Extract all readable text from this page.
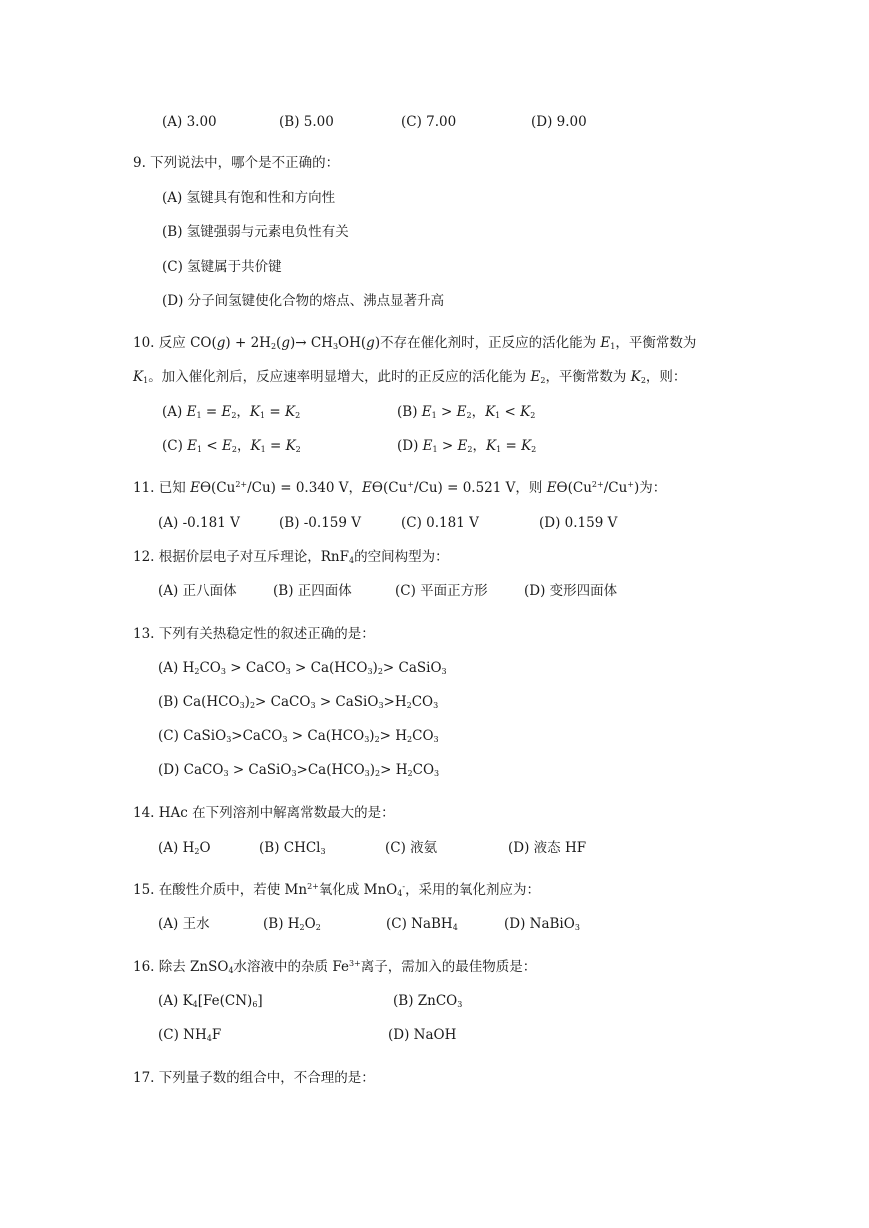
(A) 3.00	(B) 5.00	(C) 7.00	(D) 9.00
9. 下列说法中，哪个是不正确的：
(A) 氢键具有饱和性和方向性
(B) 氢键强弱与元素电负性有关
(C) 氢键属于共价键
(D) 分子间氢键使化合物的熔点、沸点显著升高
10. 反应 $CO(g) + 2H_2(g)\to CH_3OH(g)$不存在催化剂时，正反应的活化能为 $E_1$，平衡常数为
$K_1$。加入催化剂后，反应速率明显增大，此时的正反应的活化能为 $E_2$，平衡常数为 $K_2$，则：
(A) $E_1 = E_2$，$K_1 = K_2$	(B) $E_1 > E_2$，$K_1 < K_2$
(C) $E_1 < E_2$，$K_1 = K_2$	(D) $E_1 > E_2$，$K_1 = K_2$
11. 已知 $Eϴ(Cu^{2+}/Cu) = 0.340$ V，Eϴ(Cu+/Cu) = 0.521 V，则 $Eϴ(Cu^{2+}/Cu^+)$为：
(A) -0.181 V	(B) -0.159 V	(C) 0.181 V	(D) 0.159 V
12. 根据价层电子对互斥理论，RnF$_4$的空间构型为：
(A) 正八面体	(B) 正四面体	(C) 平面正方形	(D) 变形四面体
13. 下列有关热稳定性的叙述正确的是：
(A) $H_2CO_3$ > CaCO$_3$ > $Ca(HCO_3)_2>$ CaSiO$_3$
(B) $Ca(HCO_3)_2>$ CaCO$_3$ > $CaSiO_3>H_2CO_3$
(C) CaSiO$_3$>CaCO$_3$ > $Ca(HCO_3)_2> H_2CO_3$
(D) CaCO$_3$ > $CaSiO_3>Ca(HCO_3)_2> H_2CO_3$
14. HAc 在下列溶剂中解离常数最大的是：
(A) $H_2O$	(B) CHCl$_3$	(C) 液氨	(D) 液态 HF
15. 在酸性介质中，若使 $Mn^{2+}$氧化成 MnO$_4$-，采用的氧化剂应为：
(A) 王水	(B) $H_2O_2$	(C) NaBH$_4$	(D) NaBiO$_3$
16. 除去 ZnSO$_4$水溶液中的杂质 $Fe^{3+}$离子，需加入的最佳物质是：
(A) $K_4[Fe(CN)_6]$	(B) ZnCO$_3$
(C) $NH_4F$	(D) NaOH
17. 下列量子数的组合中，不合理的是：
